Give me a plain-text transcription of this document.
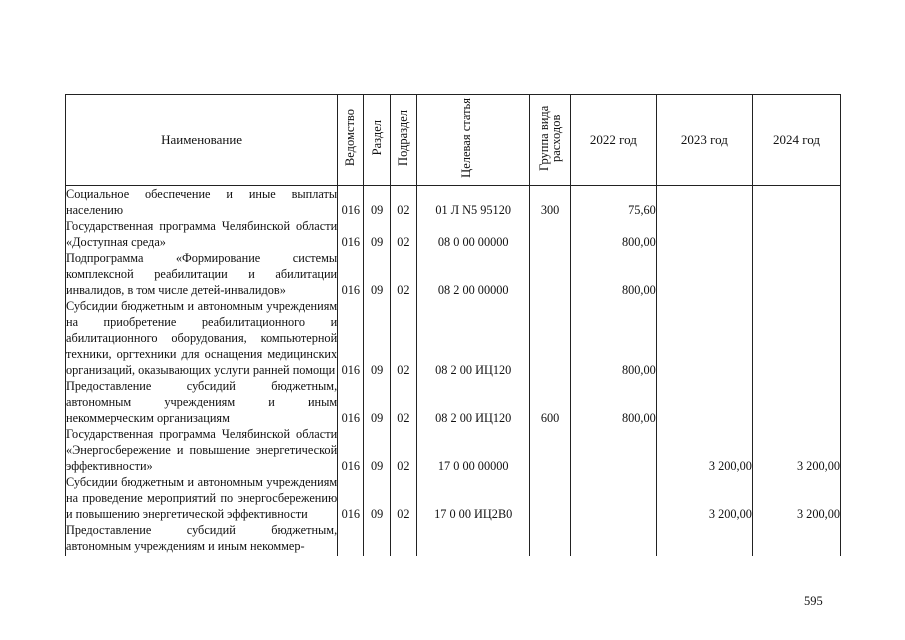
Наименование	Ведомство	Раздел	Подраздел	Целевая статья	Группа вида расходов	2022 год	2023 год	2024 год
Социальное обеспечение и иные выплаты населению	016	09	02	01 Л N5 95120	300	75,60		
Государственная программа Челябинской области «Доступная среда»	016	09	02	08 0 00 00000		800,00		
Подпрограмма «Формирование системы комплексной реабилитации и абилитации инвалидов, в том числе детей-инвалидов»	016	09	02	08 2 00 00000		800,00		
Субсидии бюджетным и автономным учреждениям на приобретение реабилитационного и абилитационного оборудования, компьютерной техники, оргтехники для оснащения медицинских организаций, оказывающих услуги ранней помощи	016	09	02	08 2 00 ИЦ120		800,00		
Предоставление субсидий бюджетным, автономным учреждениям и иным некоммерческим организациям	016	09	02	08 2 00 ИЦ120	600	800,00		
Государственная программа Челябинской области «Энергосбережение и повышение энергетической эффективности»	016	09	02	17 0 00 00000			3 200,00	3 200,00
Субсидии бюджетным и автономным учреждениям на проведение мероприятий по энергосбережению и повышению энергетической эффективности	016	09	02	17 0 00 ИЦ2В0			3 200,00	3 200,00
Предоставление субсидий бюджетным, автономным учреждениям и иным некоммер-								
595
